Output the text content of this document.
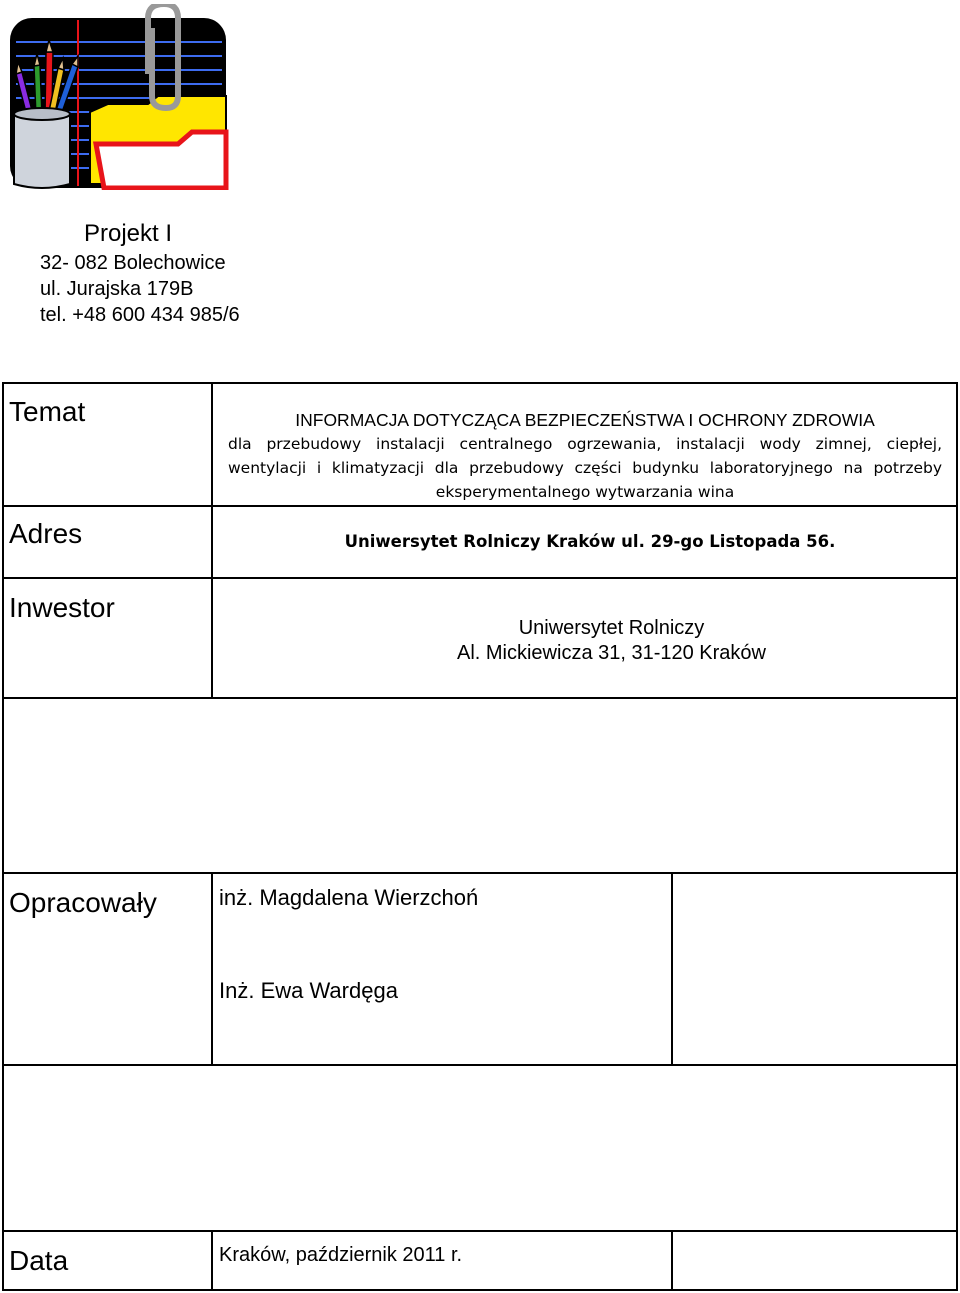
Projekt I
32- 082 Bolechowice
ul. Jurajska 179B
tel. +48 600 434 985/6
Temat	INFORMACJA DOTYCZĄCA BEZPIECZEŃSTWA I OCHRONY ZDROWIA
dla przebudowy instalacji centralnego ogrzewania, instalacji wody zimnej, ciepłej, wentylacji i klimatyzacji dla przebudowy części budynku laboratoryjnego na potrzeby eksperymentalnego wytwarzania wina
Adres	Uniwersytet Rolniczy Kraków ul. 29-go Listopada 56.
Inwestor
Uniwersytet Rolniczy
Al. Mickiewicza 31, 31-120 Kraków
Opracowały	inż. Magdalena Wierzchoń
Inż. Ewa Wardęga
Data	Kraków, październik 2011 r.
